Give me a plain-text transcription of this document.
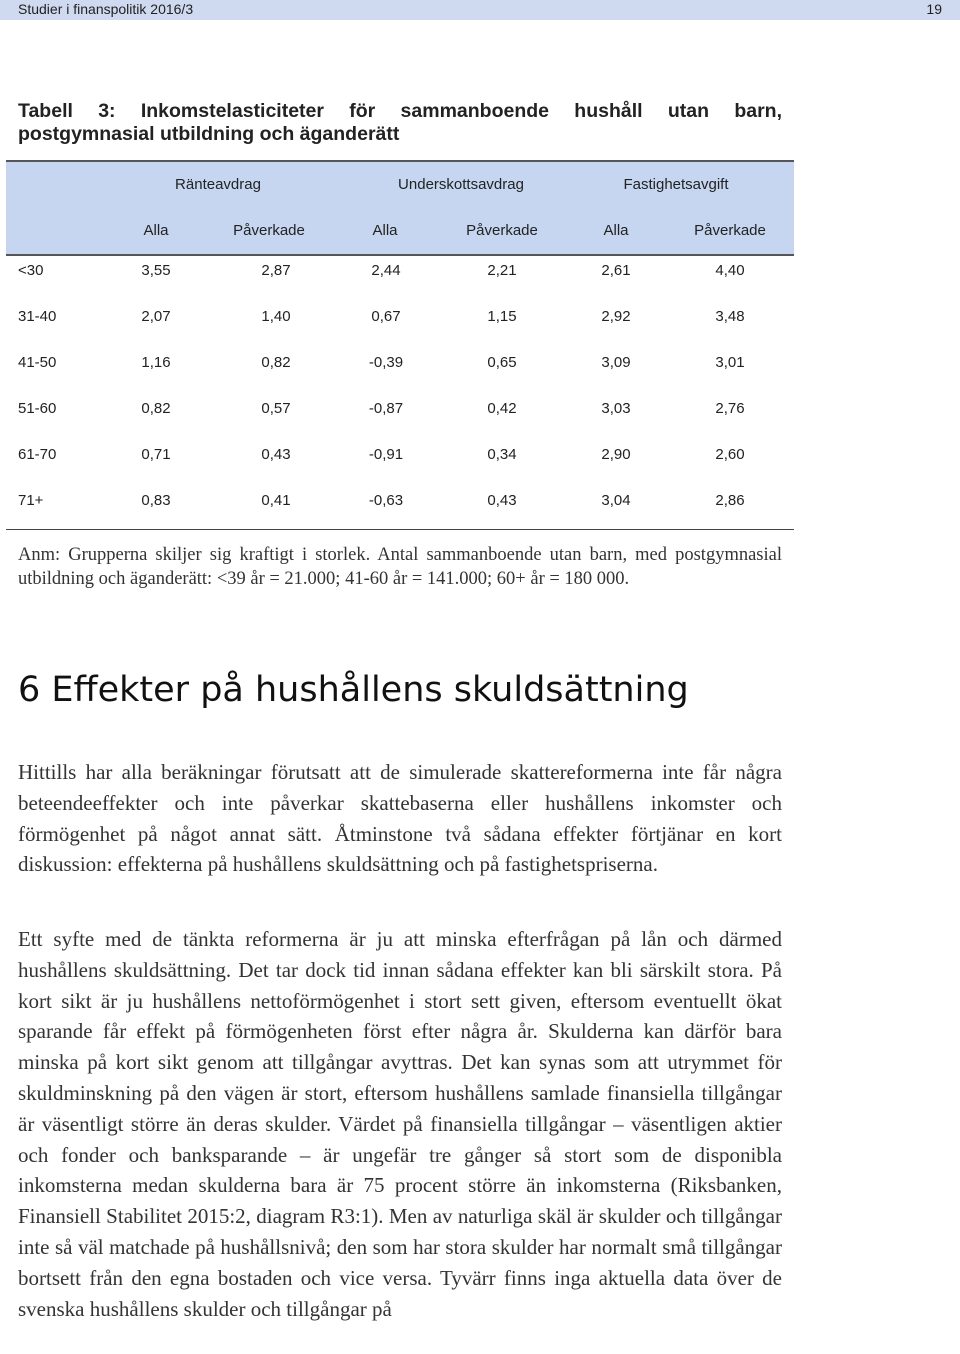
Studier i finanspolitik 2016/3	19
Tabell 3: Inkomstelasticiteter för sammanboende hushåll utan barn,
postgymnasial utbildning och äganderätt
Ränteavdrag	Underskottsavdrag	Fastighetsavgift
Alla	Påverkade	Alla	Påverkade	Alla	Påverkade
<30	3,55	2,87	2,44	2,21	2,61	4,40
31-40	2,07	1,40	0,67	1,15	2,92	3,48
41-50	1,16	0,82	-0,39	0,65	3,09	3,01
51-60	0,82	0,57	-0,87	0,42	3,03	2,76
61-70	0,71	0,43	-0,91	0,34	2,90	2,60
71+	0,83	0,41	-0,63	0,43	3,04	2,86
Anm: Grupperna skiljer sig kraftigt i storlek. Antal sammanboende utan barn, med postgymnasial utbildning och äganderätt: <39 år = 21.000; 41-60 år = 141.000; 60+ år = 180 000.
6 Effekter på hushållens skuldsättning
Hittills har alla beräkningar förutsatt att de simulerade skattereformerna inte får några beteendeeffekter och inte påverkar skattebaserna eller hushållens inkomster och förmögenhet på något annat sätt. Åtminstone två sådana effekter förtjänar en kort diskussion: effekterna på hushållens skuldsättning och på fastighetspriserna.
Ett syfte med de tänkta reformerna är ju att minska efterfrågan på lån och därmed hushållens skuldsättning. Det tar dock tid innan sådana effekter kan bli särskilt stora. På kort sikt är ju hushållens nettoförmögenhet i stort sett given, eftersom eventuellt ökat sparande får effekt på förmögenheten först efter några år. Skulderna kan därför bara minska på kort sikt genom att tillgångar avyttras. Det kan synas som att utrymmet för skuldminskning på den vägen är stort, eftersom hushållens samlade finansiella tillgångar är väsentligt större än deras skulder. Värdet på finansiella tillgångar – väsentligen aktier och fonder och banksparande – är ungefär tre gånger så stort som de disponibla inkomsterna medan skulderna bara är 75 procent större än inkomsterna (Riksbanken, Finansiell Stabilitet 2015:2, diagram R3:1). Men av naturliga skäl är skulder och tillgångar inte så väl matchade på hushållsnivå; den som har stora skulder har normalt små tillgångar bortsett från den egna bostaden och vice versa. Tyvärr finns inga aktuella data över de svenska hushållens skulder och tillgångar på
